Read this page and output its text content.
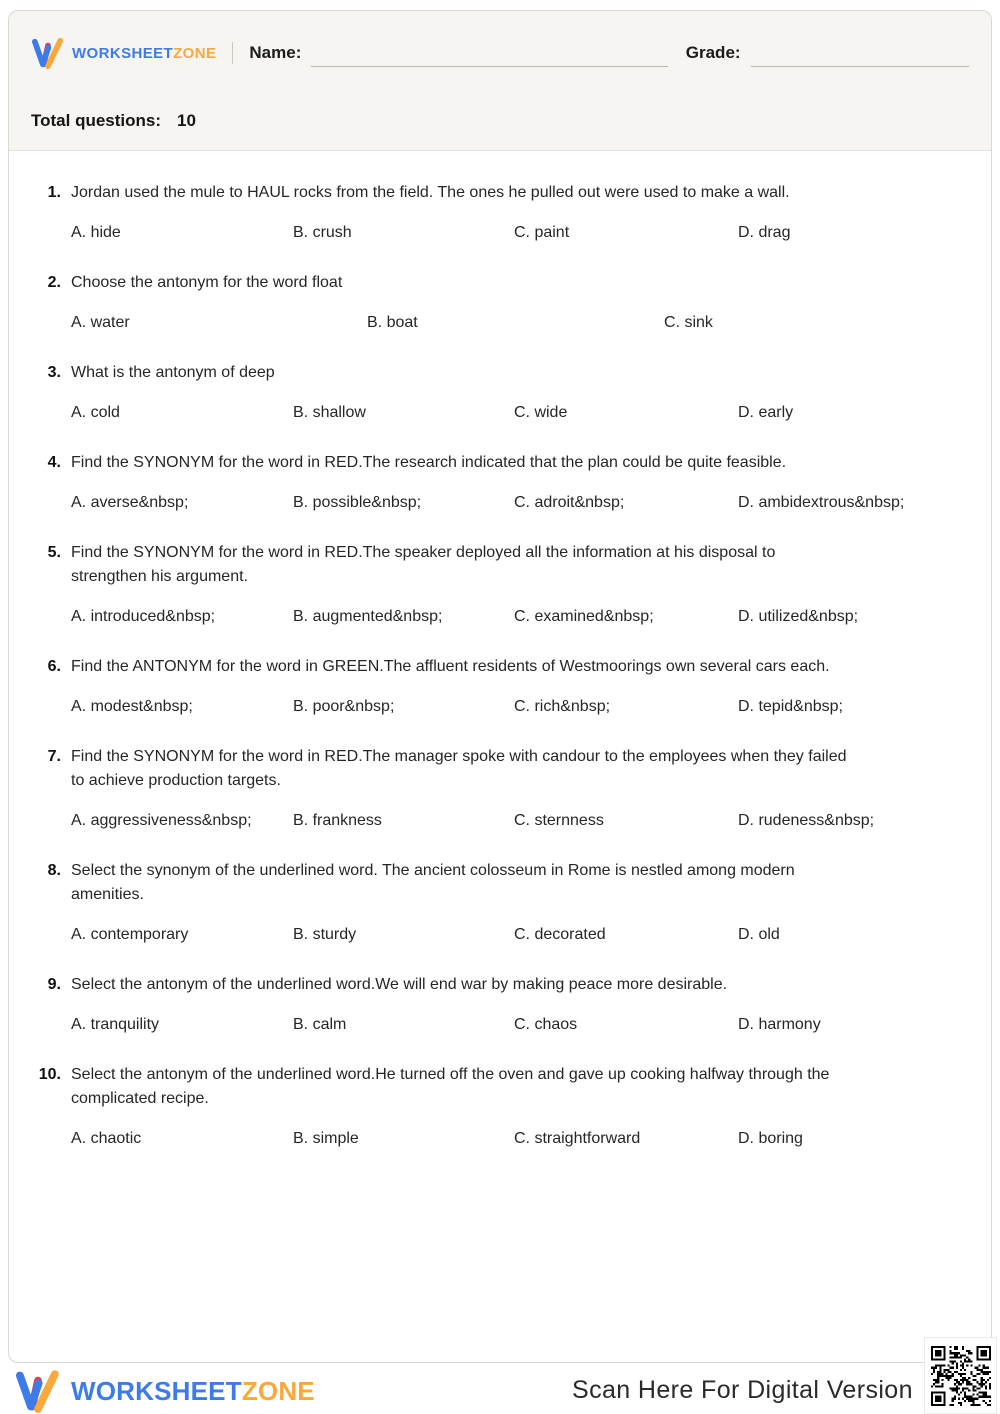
WORKSHEETZONE Name:	Grade:
Total questions: 10
1. Jordan used the mule to HAUL rocks from the field. The ones he pulled out were used to make a wall.
A. hide	B. crush	C. paint	D. drag
2. Choose the antonym for the word float
A. water	B. boat	C. sink
3. What is the antonym of deep
A. cold	B. shallow	C. wide	D. early
4. Find the SYNONYM for the word in RED.The research indicated that the plan could be quite feasible.
A. averse&nbsp;	B. possible&nbsp;	C. adroit&nbsp;	D. ambidextrous&nbsp;
5. Find the SYNONYM for the word in RED.The speaker deployed all the information at his disposal to strengthen his argument.
A. introduced&nbsp;	B. augmented&nbsp;	C. examined&nbsp;	D. utilized&nbsp;
6. Find the ANTONYM for the word in GREEN.The affluent residents of Westmoorings own several cars each.
A. modest&nbsp;	B. poor&nbsp;	C. rich&nbsp;	D. tepid&nbsp;
7. Find the SYNONYM for the word in RED.The manager spoke with candour to the employees when they failed to achieve production targets.
A. aggressiveness&nbsp;	B. frankness	C. sternness	D. rudeness&nbsp;
8. Select the synonym of the underlined word. The ancient colosseum in Rome is nestled among modern amenities.
A. contemporary	B. sturdy	C. decorated	D. old
9. Select the antonym of the underlined word.We will end war by making peace more desirable.
A. tranquility	B. calm	C. chaos	D. harmony
10. Select the antonym of the underlined word.He turned off the oven and gave up cooking halfway through the complicated recipe.
A. chaotic	B. simple	C. straightforward	D. boring
WORKSHEETZONE	Scan Here For Digital Version
